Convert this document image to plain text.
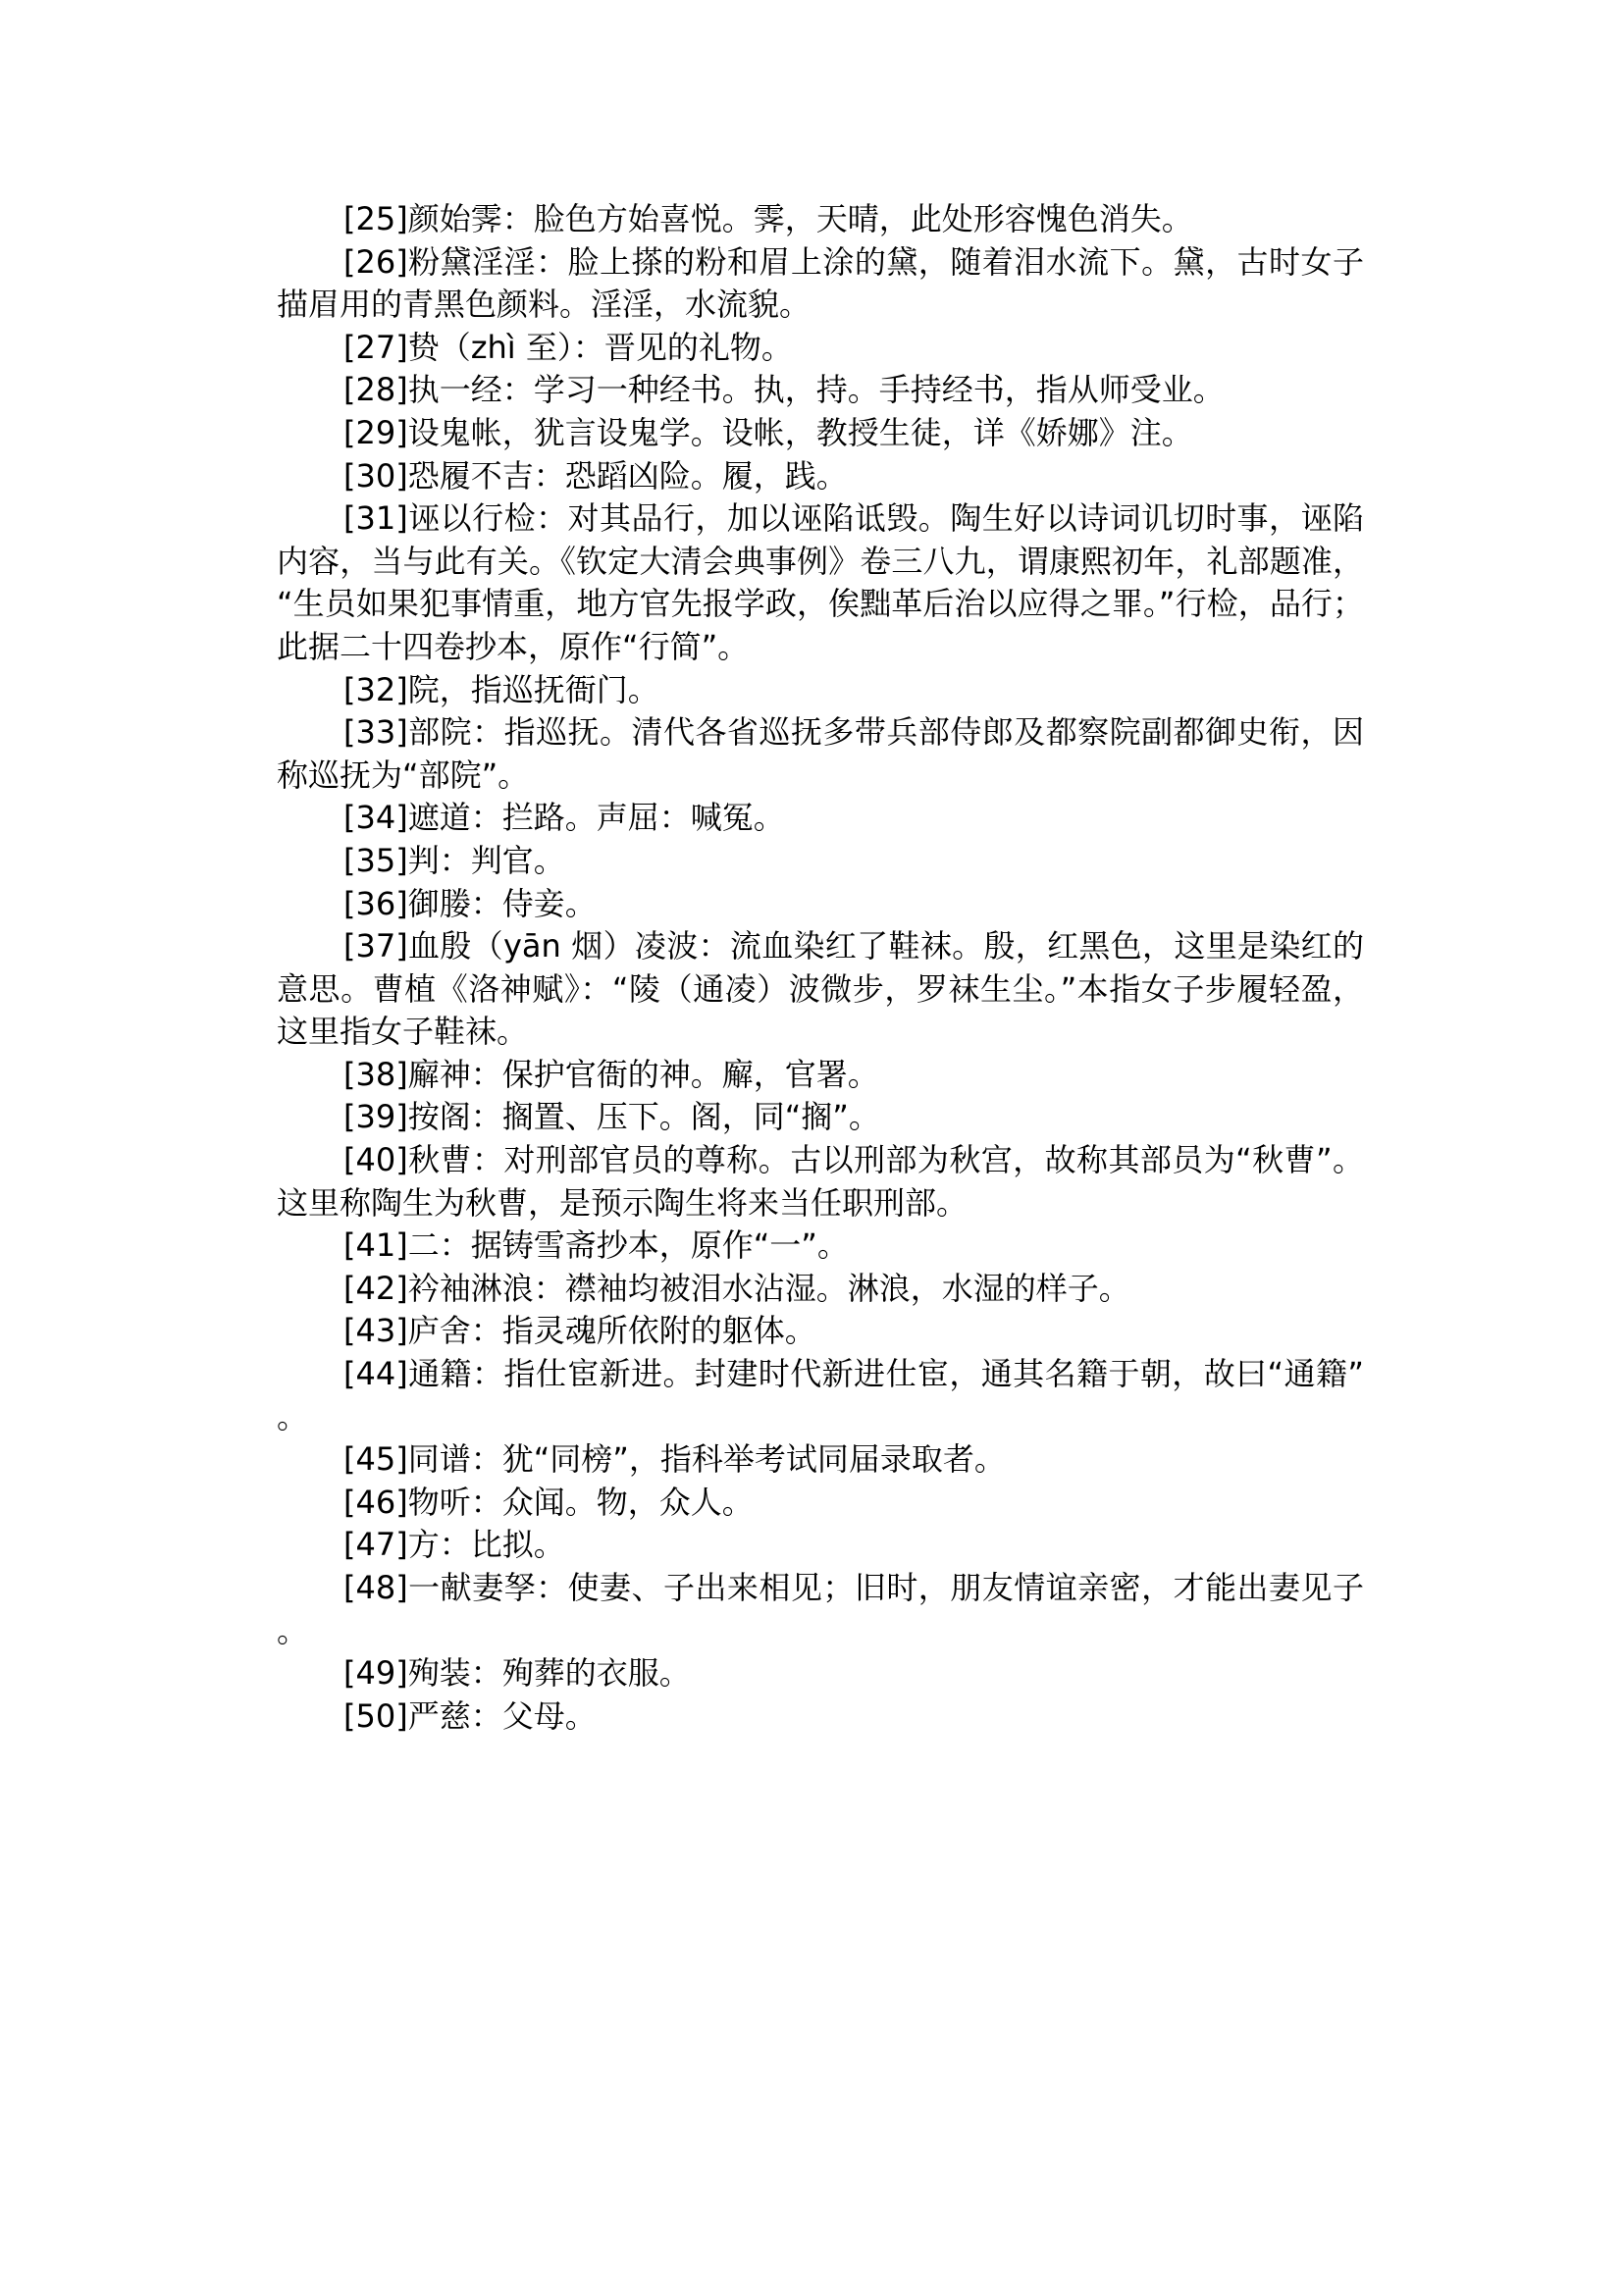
[25]颜始霁：脸色方始喜悦。霁，天晴，此处形容愧色消失。

[26]粉黛淫淫：脸上搽的粉和眉上涂的黛，随着泪水流下。黛，古时女子描眉用的青黑色颜料。淫淫，水流貌。

[27]贽（zhì 至）：晋见的礼物。

[28]执一经：学习一种经书。执，持。手持经书，指从师受业。

[29]设鬼帐，犹言设鬼学。设帐，教授生徒，详《娇娜》注。

[30]恐履不吉：恐蹈凶险。履，践。

[31]诬以行检：对其品行，加以诬陷诋毁。陶生好以诗词讥切时事，诬陷内容，当与此有关。《钦定大清会典事例》卷三八九，谓康熙初年，礼部题准，“生员如果犯事情重，地方官先报学政，俟黜革后治以应得之罪。”行检，品行；此据二十四卷抄本，原作“行简”。

[32]院，指巡抚衙门。

[33]部院：指巡抚。清代各省巡抚多带兵部侍郎及都察院副都御史衔，因称巡抚为“部院”。

[34]遮道：拦路。声屈：喊冤。

[35]判：判官。

[36]御媵：侍妾。

[37]血殷（yān 烟）凌波：流血染红了鞋袜。殷，红黑色，这里是染红的意思。曹植《洛神赋》：“陵（通凌）波微步，罗袜生尘。”本指女子步履轻盈，这里指女子鞋袜。

[38]廨神：保护官衙的神。廨，官署。

[39]按阁：搁置、压下。阁，同“搁”。

[40]秋曹：对刑部官员的尊称。古以刑部为秋宫，故称其部员为“秋曹”。这里称陶生为秋曹，是预示陶生将来当任职刑部。

[41]二：据铸雪斋抄本，原作“一”。

[42]衿袖淋浪：襟袖均被泪水沾湿。淋浪，水湿的样子。

[43]庐舍：指灵魂所依附的躯体。

[44]通籍：指仕宦新进。封建时代新进仕宦，通其名籍于朝，故曰“通籍”。

[45]同谱：犹“同榜”，指科举考试同届录取者。

[46]物听：众闻。物，众人。

[47]方：比拟。

[48]一献妻孥：使妻、子出来相见；旧时，朋友情谊亲密，才能出妻见子。

[49]殉装：殉葬的衣服。

[50]严慈：父母。
